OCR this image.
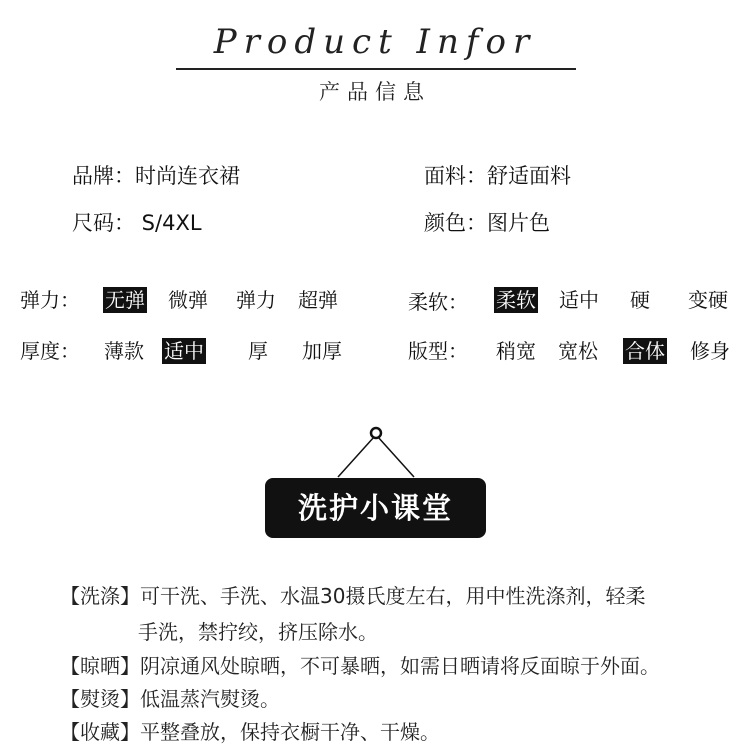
Product Infor
产品信息
品牌：时尚连衣裙	面料：舒适面料
尺码： S/4XL	颜色：图片色
弹力： 无弹 微弹 弹力 超弹	柔软： 柔软 适中 硬 变硬
厚度： 薄款 适中 厚 加厚	版型： 稍宽 宽松 合体 修身
洗护小课堂
【洗涤】可干洗、手洗、水温30摄氏度左右，用中性洗涤剂，轻柔
手洗，禁拧绞，挤压除水。
【晾晒】阴凉通风处晾晒，不可暴晒，如需日晒请将反面晾于外面。
【熨烫】低温蒸汽熨烫。
【收藏】平整叠放，保持衣橱干净、干燥。
